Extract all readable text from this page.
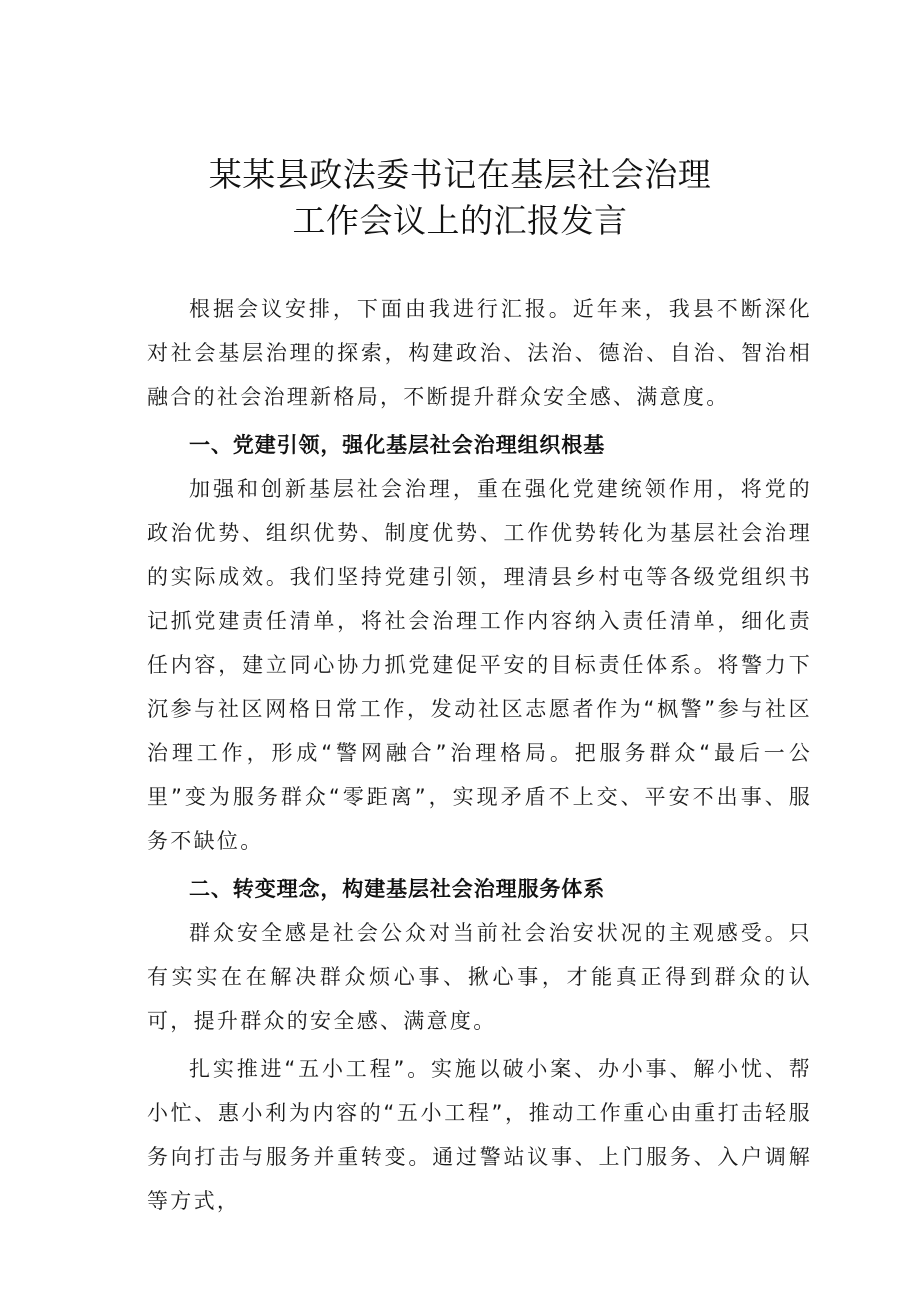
某某县政法委书记在基层社会治理
工作会议上的汇报发言

根据会议安排，下面由我进行汇报。近年来，我县不断深化对社会基层治理的探索，构建政治、法治、德治、自治、智治相融合的社会治理新格局，不断提升群众安全感、满意度。

一、党建引领，强化基层社会治理组织根基

加强和创新基层社会治理，重在强化党建统领作用，将党的政治优势、组织优势、制度优势、工作优势转化为基层社会治理的实际成效。我们坚持党建引领，理清县乡村屯等各级党组织书记抓党建责任清单，将社会治理工作内容纳入责任清单，细化责任内容，建立同心协力抓党建促平安的目标责任体系。将警力下沉参与社区网格日常工作，发动社区志愿者作为“枫警”参与社区治理工作，形成“警网融合”治理格局。把服务群众“最后一公里”变为服务群众“零距离”，实现矛盾不上交、平安不出事、服务不缺位。

二、转变理念，构建基层社会治理服务体系

群众安全感是社会公众对当前社会治安状况的主观感受。只有实实在在解决群众烦心事、揪心事，才能真正得到群众的认可，提升群众的安全感、满意度。

扎实推进“五小工程”。实施以破小案、办小事、解小忧、帮小忙、惠小利为内容的“五小工程”，推动工作重心由重打击轻服务向打击与服务并重转变。通过警站议事、上门服务、入户调解等方式，
